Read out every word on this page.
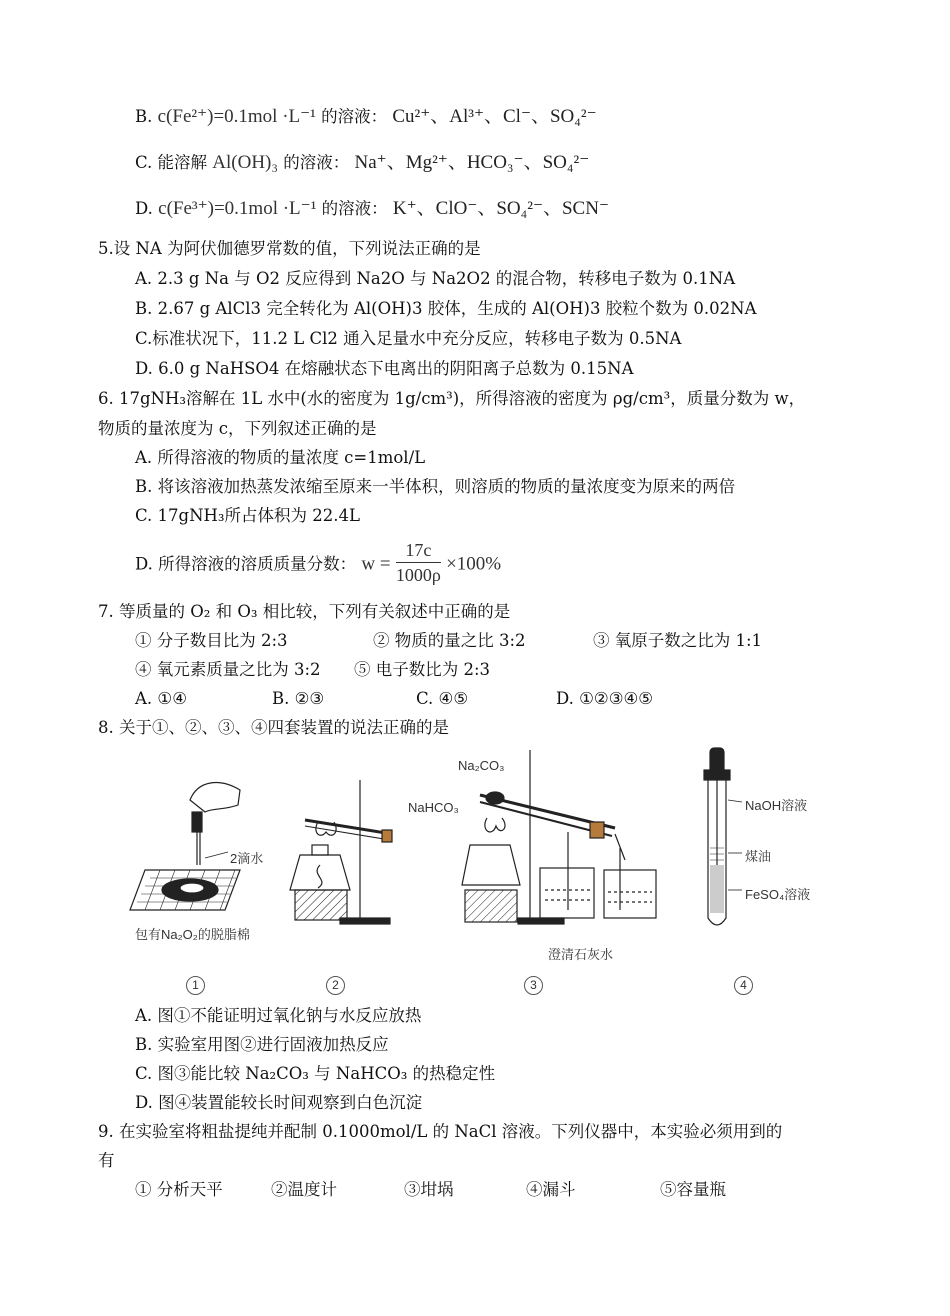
B. c(Fe²⁺)=0.1mol ·L⁻¹ 的溶液： Cu²⁺、Al³⁺、Cl⁻、SO₄²⁻
C. 能溶解 Al(OH)₃ 的溶液： Na⁺、Mg²⁺、HCO₃⁻、SO₄²⁻
D. c(Fe³⁺)=0.1mol ·L⁻¹ 的溶液： K⁺、ClO⁻、SO₄²⁻、SCN⁻
5.设 NA 为阿伏伽德罗常数的值，下列说法正确的是
A. 2.3 g Na 与 O2 反应得到 Na2O 与 Na2O2 的混合物，转移电子数为 0.1NA
B. 2.67 g AlCl3 完全转化为 Al(OH)3 胶体，生成的 Al(OH)3 胶粒个数为 0.02NA
C.标准状况下，11.2 L Cl2 通入足量水中充分反应，转移电子数为 0.5NA
D. 6.0 g NaHSO4 在熔融状态下电离出的阴阳离子总数为 0.15NA
6. 17gNH₃溶解在 1L 水中(水的密度为 1g/cm³)，所得溶液的密度为 ρg/cm³，质量分数为 w，
物质的量浓度为 c，下列叙述正确的是
A. 所得溶液的物质的量浓度 c=1mol/L
B. 将该溶液加热蒸发浓缩至原来一半体积，则溶质的物质的量浓度变为原来的两倍
C. 17gNH₃所占体积为 22.4L
D. 所得溶液的溶质质量分数： $w = \frac{17c}{1000\rho} \times 100\%$
7. 等质量的 O₂ 和 O₃ 相比较，下列有关叙述中正确的是
① 分子数目比为 2:3	② 物质的量之比 3:2	③ 氧原子数之比为 1:1
④ 氧元素质量之比为 3:2 ⑤ 电子数比为 2:3
A. ①④	B. ②③	C. ④⑤	D. ①②③④⑤
8. 关于①、②、③、④四套装置的说法正确的是
2滴水
包有Na₂O₂的脱脂棉
Na₂CO₃
NaHCO₃
澄清石灰水
NaOH溶液
煤油
FeSO₄溶液
1	2	3	4
A. 图①不能证明过氧化钠与水反应放热
B. 实验室用图②进行固液加热反应
C. 图③能比较 Na₂CO₃ 与 NaHCO₃ 的热稳定性
D. 图④装置能较长时间观察到白色沉淀
9. 在实验室将粗盐提纯并配制 0.1000mol/L 的 NaCl 溶液。下列仪器中，本实验必须用到的
有
① 分析天平	②温度计	③坩埚	④漏斗	⑤容量瓶
